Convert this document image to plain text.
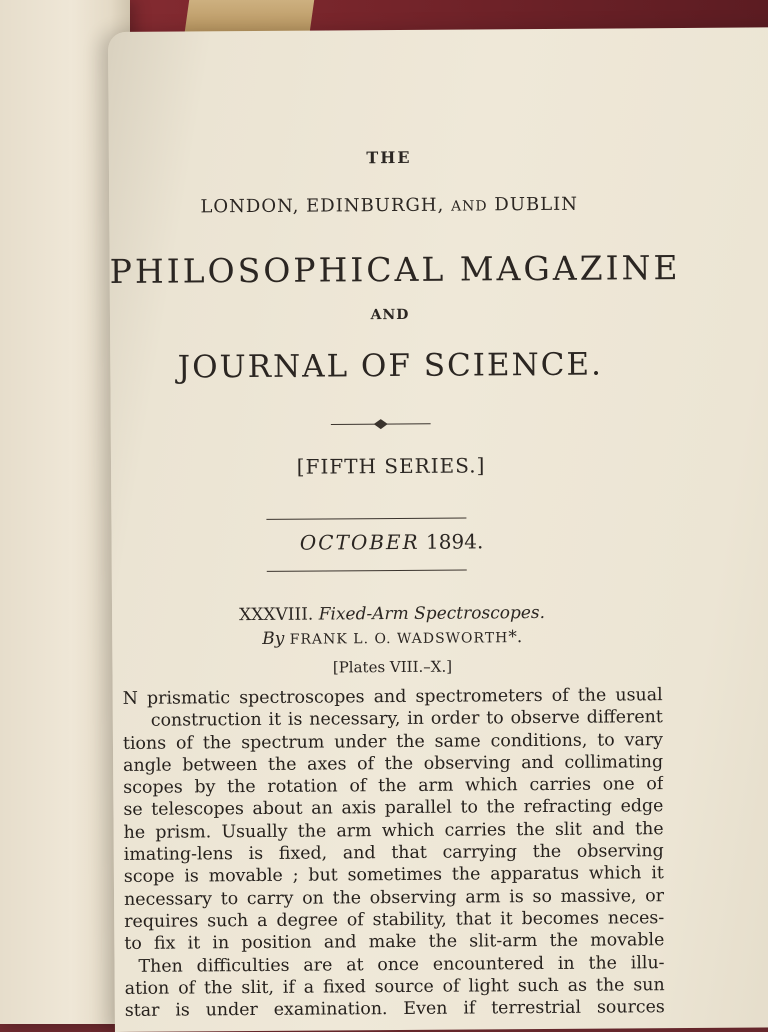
THE
LONDON, EDINBURGH, AND DUBLIN
PHILOSOPHICAL MAGAZINE
AND
JOURNAL OF SCIENCE.
[FIFTH SERIES.]
OCTOBER 1894.
XXXVIII. Fixed-Arm Spectroscopes.
By FRANK L. O. WADSWORTH*.
[Plates VIII.–X.]
N prismatic spectroscopes and spectrometers of the usual
construction it is necessary, in order to observe different
tions of the spectrum under the same conditions, to vary
angle between the axes of the observing and collimating
scopes by the rotation of the arm which carries one of
se telescopes about an axis parallel to the refracting edge
he prism. Usually the arm which carries the slit and the
imating-lens is fixed, and that carrying the observing
scope is movable ; but sometimes the apparatus which it
necessary to carry on the observing arm is so massive, or
requires such a degree of stability, that it becomes neces-
to fix it in position and make the slit-arm the movable
Then difficulties are at once encountered in the illu-
ation of the slit, if a fixed source of light such as the sun
star is under examination. Even if terrestrial sources
